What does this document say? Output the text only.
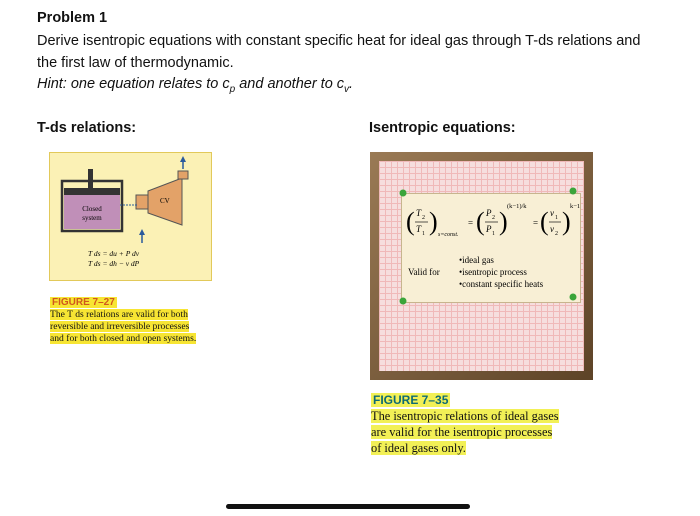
Problem 1
Derive isentropic equations with constant specific heat for ideal gas through T-ds relations and
the first law of thermodynamic.
Hint: one equation relates to $c_p$ and another to $c_v$.
T-ds relations:	Isentropic equations:
Closed
system
CV
T ds = du + P dv
T ds = dh − v dP
FIGURE 7–27
The T ds relations are valid for both
reversible and irreversible processes
and for both closed and open systems.
( T 2
T 1 ) s=const.
= ( P 2
P 1 )
(k−1)/k
= ( v 1
v 2 )
k−1
Valid for
•ideal gas
•isentropic process
•constant specific heats
FIGURE 7–35
The isentropic relations of ideal gases
are valid for the isentropic processes
of ideal gases only.
